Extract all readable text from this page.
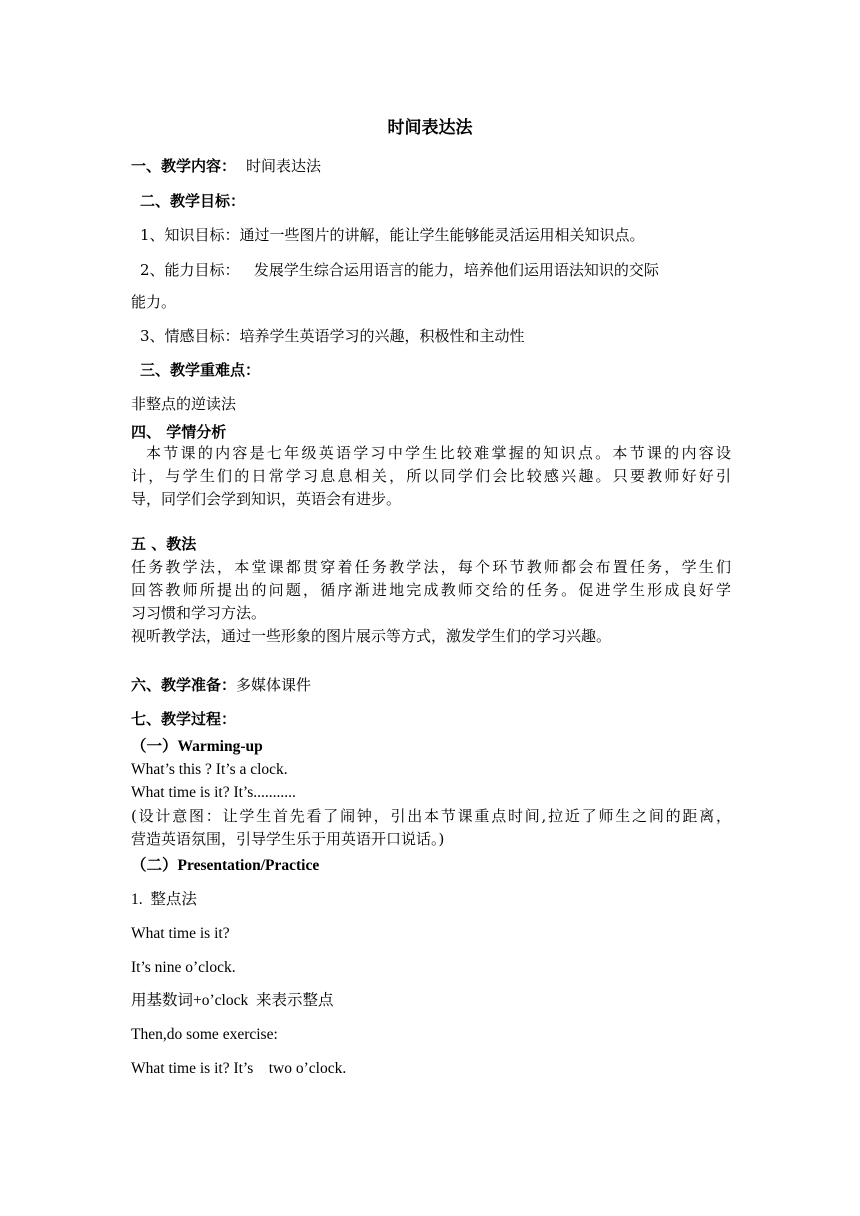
时间表达法
一、教学内容： 时间表达法
二、教学目标：
1、知识目标：通过一些图片的讲解，能让学生能够能灵活运用相关知识点。
2、能力目标：   发展学生综合运用语言的能力，培养他们运用语法知识的交际
能力。
3、情感目标：培养学生英语学习的兴趣，积极性和主动性
三、教学重难点：
非整点的逆读法
四、 学情分析
本节课的内容是七年级英语学习中学生比较难掌握的知识点。本节课的内容设
计，与学生们的日常学习息息相关，所以同学们会比较感兴趣。只要教师好好引
导，同学们会学到知识，英语会有进步。
五 、教法
任务教学法，本堂课都贯穿着任务教学法，每个环节教师都会布置任务，学生们
回答教师所提出的问题，循序渐进地完成教师交给的任务。促进学生形成良好学
习习惯和学习方法。
视听教学法，通过一些形象的图片展示等方式，激发学生们的学习兴趣。
六、教学准备：多媒体课件
七、教学过程：
（一）Warming-up
What’s this ? It’s a clock.
What time is it? It’s...........
(设计意图：让学生首先看了闹钟，引出本节课重点时间,拉近了师生之间的距离，
营造英语氛围，引导学生乐于用英语开口说话。)
（二）Presentation/Practice
1.  整点法
What time is it?
It’s nine o’clock.
用基数词+o’clock  来表示整点
Then,do some exercise:
What time is it? It’s    two o’clock.
